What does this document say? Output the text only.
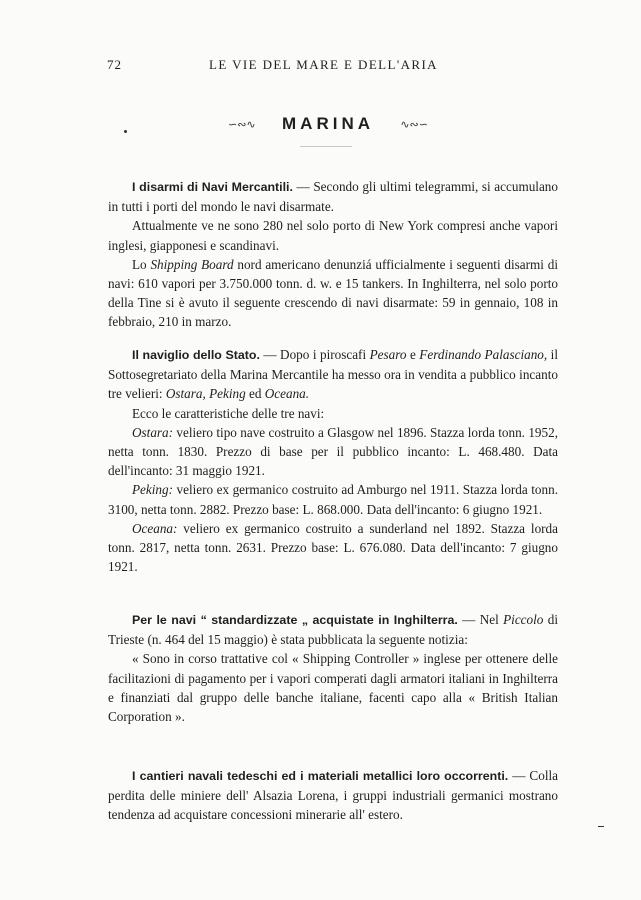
72	LE VIE DEL MARE E DELL'ARIA
∽∾∿ MARINA ∿∾∽

I disarmi di Navi Mercantili. — Secondo gli ultimi telegrammi, si accumulano in tutti i porti del mondo le navi disarmate.

Attualmente ve ne sono 280 nel solo porto di New York compresi anche vapori inglesi, giapponesi e scandinavi.

Lo Shipping Board nord americano denunziá ufficialmente i seguenti disarmi di navi: 610 vapori per 3.750.000 tonn. d. w. e 15 tankers. In Inghilterra, nel solo porto della Tine si è avuto il seguente crescendo di navi disarmate: 59 in gennaio, 108 in febbraio, 210 in marzo.

Il naviglio dello Stato. — Dopo i piroscafi Pesaro e Ferdinando Palasciano, il Sottosegretariato della Marina Mercantile ha messo ora in vendita a pubblico incanto tre velieri: Ostara, Peking ed Oceana.

Ecco le caratteristiche delle tre navi:

Ostara: veliero tipo nave costruito a Glasgow nel 1896. Stazza lorda tonn. 1952, netta tonn. 1830. Prezzo di base per il pubblico incanto: L. 468.480. Data dell'incanto: 31 maggio 1921.

Peking: veliero ex germanico costruito ad Amburgo nel 1911. Stazza lorda tonn. 3100, netta tonn. 2882. Prezzo base: L. 868.000. Data dell'incanto: 6 giugno 1921.

Oceana: veliero ex germanico costruito a sunderland nel 1892. Stazza lorda tonn. 2817, netta tonn. 2631. Prezzo base: L. 676.080. Data dell'incanto: 7 giugno 1921.

Per le navi “ standardizzate „ acquistate in Inghilterra. — Nel Piccolo di Trieste (n. 464 del 15 maggio) è stata pubblicata la seguente notizia:

« Sono in corso trattative col « Shipping Controller » inglese per ottenere delle facilitazioni di pagamento per i vapori comperati dagli armatori italiani in Inghilterra e finanziati dal gruppo delle banche italiane, facenti capo alla « British Italian Corporation ».

I cantieri navali tedeschi ed i materiali metallici loro occorrenti. — Colla perdita delle miniere dell' Alsazia Lorena, i gruppi industriali germanici mostrano tendenza ad acquistare concessioni minerarie all' estero.
